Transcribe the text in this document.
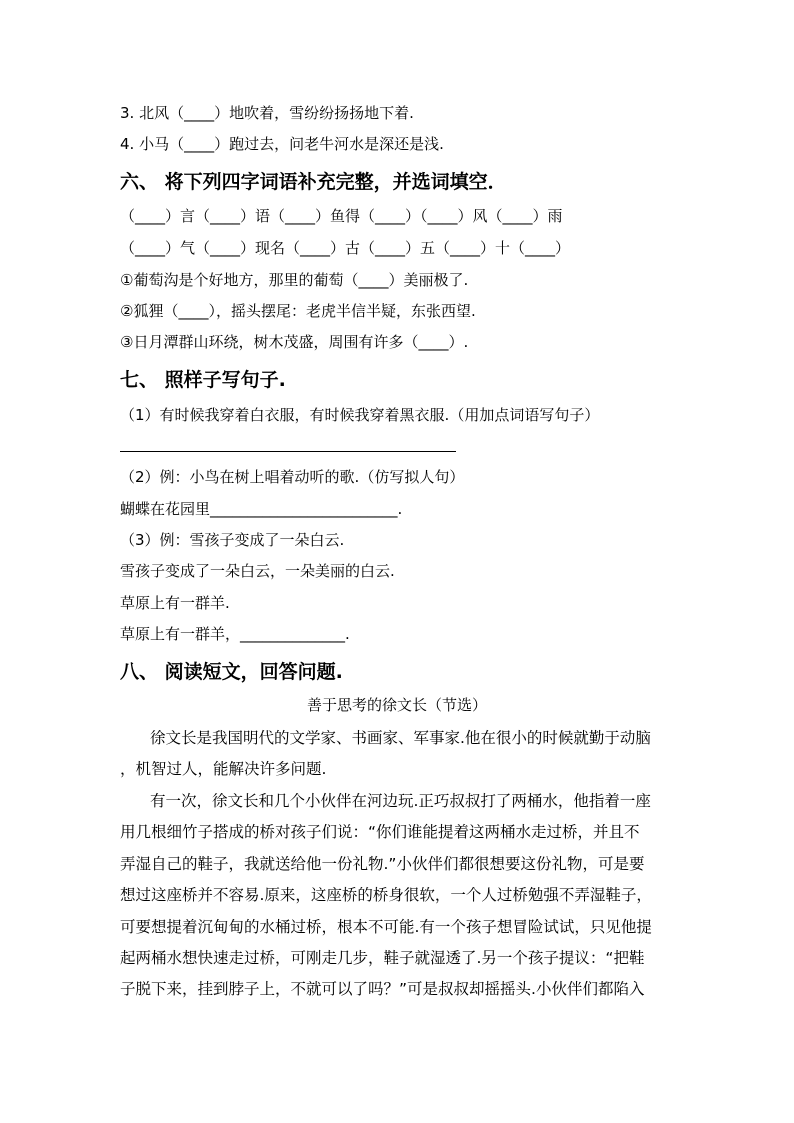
3. 北风（____）地吹着，雪纷纷扬扬地下着.
4. 小马（____）跑过去，问老牛河水是深还是浅.
六、 将下列四字词语补充完整，并选词填空．
（____）言（____）语（____）鱼得（____）（____）风（____）雨
（____）气（____）现名（____）古（____）五（____）十（____）
①葡萄沟是个好地方，那里的葡萄（____）美丽极了.
②狐狸（____），摇头摆尾：老虎半信半疑，东张西望.
③日月潭群山环绕，树木茂盛，周围有许多（____）.
七、 照样子写句子.
（1）有时候我穿着白衣服，有时候我穿着黑衣服.（用加点词语写句子）
（2）例：小鸟在树上唱着动听的歌.（仿写拟人句）
蝴蝶在花园里_________________________.
（3）例：雪孩子变成了一朵白云.
雪孩子变成了一朵白云，一朵美丽的白云.
草原上有一群羊.
草原上有一群羊，______________.
八、 阅读短文，回答问题.
善于思考的徐文长（节选）
徐文长是我国明代的文学家、书画家、军事家.他在很小的时候就勤于动脑
，机智过人，能解决许多问题.
有一次，徐文长和几个小伙伴在河边玩.正巧叔叔打了两桶水，他指着一座
用几根细竹子搭成的桥对孩子们说：“你们谁能提着这两桶水走过桥，并且不
弄湿自己的鞋子，我就送给他一份礼物.”小伙伴们都很想要这份礼物，可是要
想过这座桥并不容易.原来，这座桥的桥身很软，一个人过桥勉强不弄湿鞋子，
可要想提着沉甸甸的水桶过桥，根本不可能.有一个孩子想冒险试试，只见他提
起两桶水想快速走过桥，可刚走几步，鞋子就湿透了.另一个孩子提议：“把鞋
子脱下来，挂到脖子上，不就可以了吗？”可是叔叔却摇摇头.小伙伴们都陷入
